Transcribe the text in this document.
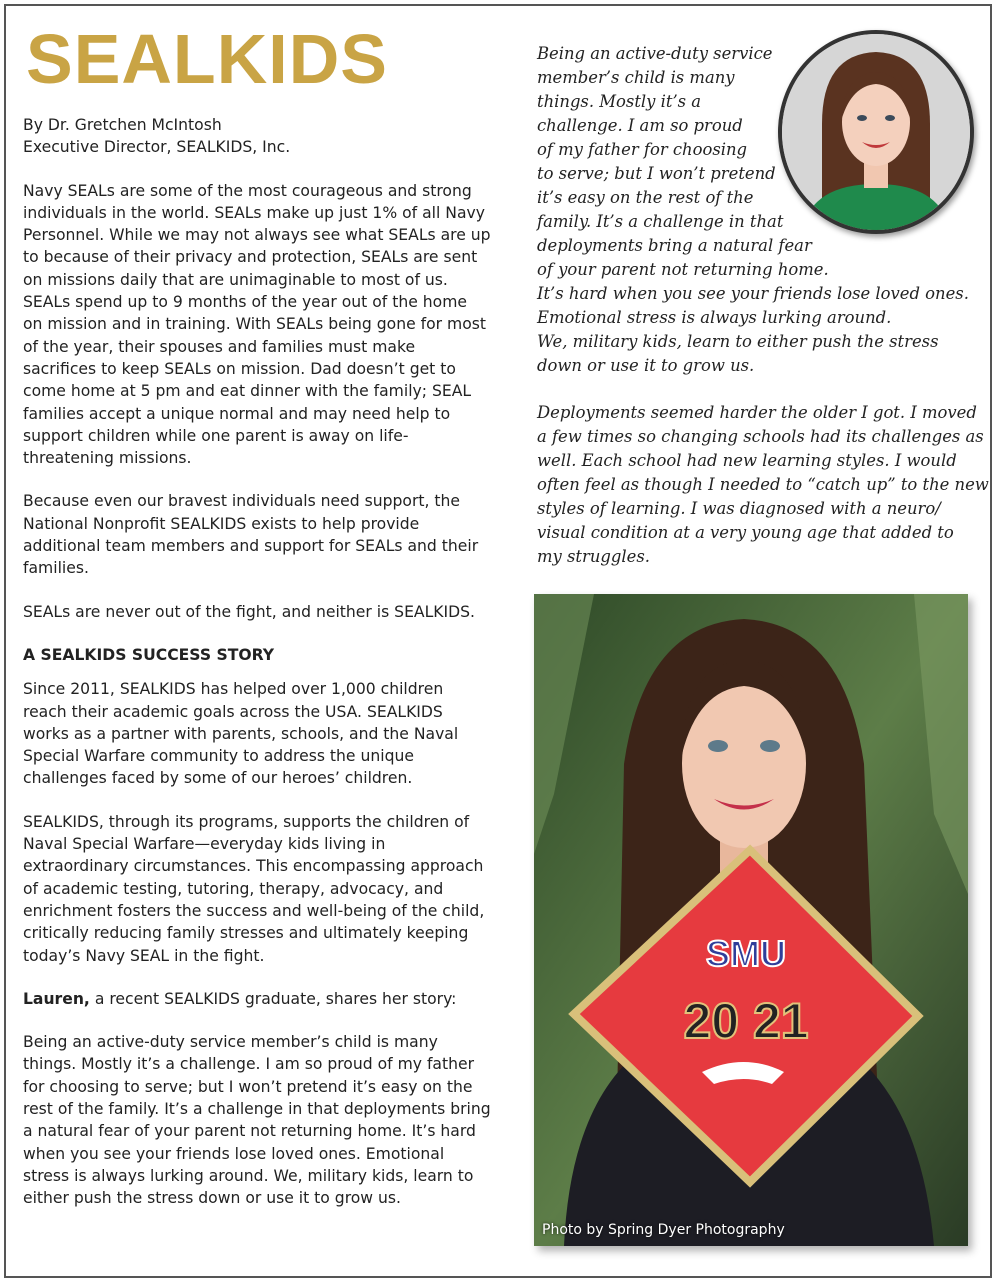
SEALKIDS

By Dr. Gretchen McIntosh
Executive Director, SEALKIDS, Inc.

Navy SEALs are some of the most courageous and strong individuals in the world. SEALs make up just 1% of all Navy Personnel. While we may not always see what SEALs are up to because of their privacy and protection, SEALs are sent on missions daily that are unimaginable to most of us. SEALs spend up to 9 months of the year out of the home on mission and in training. With SEALs being gone for most of the year, their spouses and families must make sacrifices to keep SEALs on mission. Dad doesn’t get to come home at 5 pm and eat dinner with the family; SEAL families accept a unique normal and may need help to support children while one parent is away on life-threatening missions.

Because even our bravest individuals need support, the National Nonprofit SEALKIDS exists to help provide additional team members and support for SEALs and their families.

SEALs are never out of the fight, and neither is SEALKIDS.

A SEALKIDS SUCCESS STORY

Since 2011, SEALKIDS has helped over 1,000 children reach their academic goals across the USA. SEALKIDS works as a partner with parents, schools, and the Naval Special Warfare community to address the unique challenges faced by some of our heroes’ children.

SEALKIDS, through its programs, supports the children of Naval Special Warfare—everyday kids living in extraordinary circumstances. This encompassing approach of academic testing, tutoring, therapy, advocacy, and enrichment fosters the success and well-being of the child, critically reducing family stresses and ultimately keeping today’s Navy SEAL in the fight.

Lauren, a recent SEALKIDS graduate, shares her story:

Being an active-duty service member’s child is many things. Mostly it’s a challenge. I am so proud of my father for choosing to serve; but I won’t pretend it’s easy on the rest of the family. It’s a challenge in that deployments bring a natural fear of your parent not returning home. It’s hard when you see your friends lose loved ones. Emotional stress is always lurking around. We, military kids, learn to either push the stress down or use it to grow us.

Being an active-duty service
member’s child is many
things. Mostly it’s a
challenge. I am so proud
of my father for choosing
to serve; but I won’t pretend
it’s easy on the rest of the
family. It’s a challenge in that
deployments bring a natural fear
of your parent not returning home.
It’s hard when you see your friends lose loved ones.
Emotional stress is always lurking around.
We, military kids, learn to either push the stress
down or use it to grow us.

Deployments seemed harder the older I got. I moved
a few times so changing schools had its challenges as
well. Each school had new learning styles. I would
often feel as though I needed to “catch up” to the new
styles of learning. I was diagnosed with a neuro/
visual condition at a very young age that added to
my struggles.

SMU
20 21
Photo by Spring Dyer Photography
